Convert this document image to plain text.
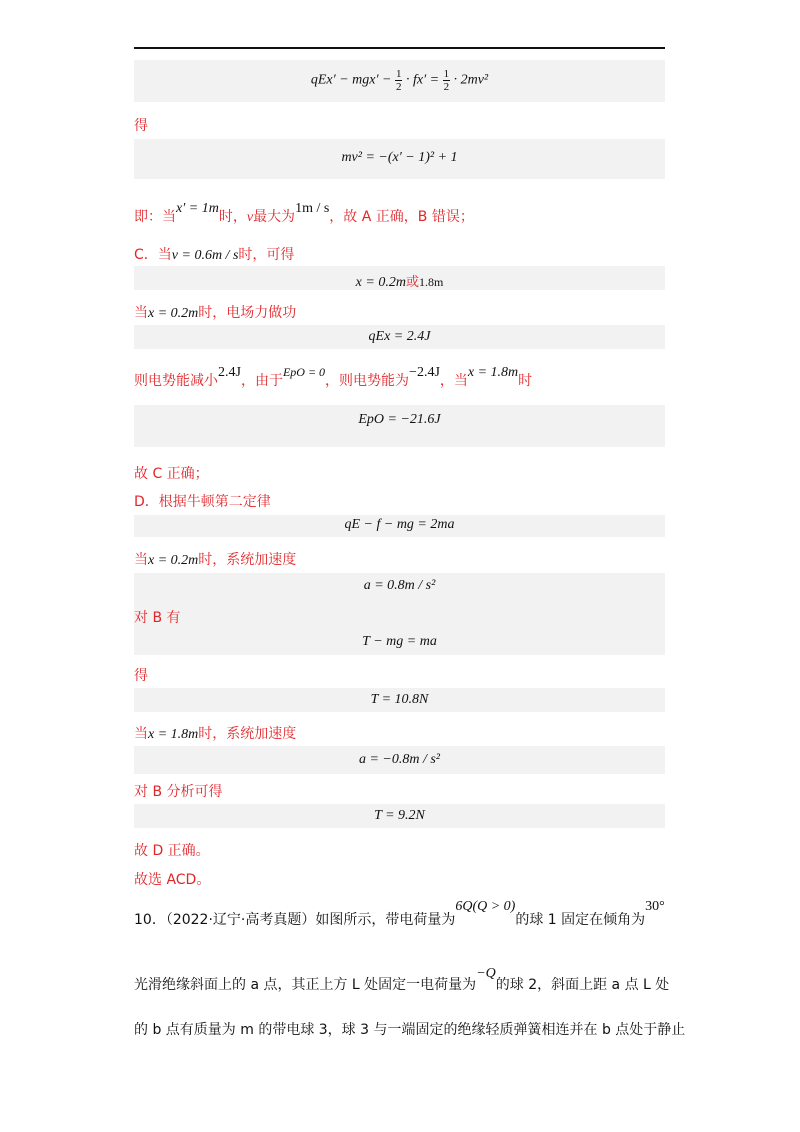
$qEx' - mgx' - \frac{1}{2} \cdot fx' = \frac{1}{2} \cdot 2mv^2$
得
mv² = −(x′ − 1)² + 1
即：当x′ = 1m时，v最大为1m / s，故 A 正确，B 错误；
C．当v = 0.6m / s时，可得
x = 0.2m或1.8m
当x = 0.2m时，电场力做功
qEx = 2.4J
则电势能减小2.4J，由于EpO = 0，则电势能为−2.4J，当x = 1.8m时
EpO = −21.6J
故 C 正确；
D．根据牛顿第二定律
qE − f − mg = 2ma
当x = 0.2m时，系统加速度
a = 0.8m / s²
对 B 有
T − mg = ma
得
T = 10.8N
当x = 1.8m时，系统加速度
a = −0.8m / s²
对 B 分析可得
T = 9.2N
故 D 正确。
故选 ACD。
10．（2022·辽宁·高考真题）如图所示，带电荷量为6Q(Q > 0)的球 1 固定在倾角为30°
光滑绝缘斜面上的 a 点，其正上方 L 处固定一电荷量为−Q的球 2，斜面上距 a 点 L 处
的 b 点有质量为 m 的带电球 3，球 3 与一端固定的绝缘轻质弹簧相连并在 b 点处于静止
